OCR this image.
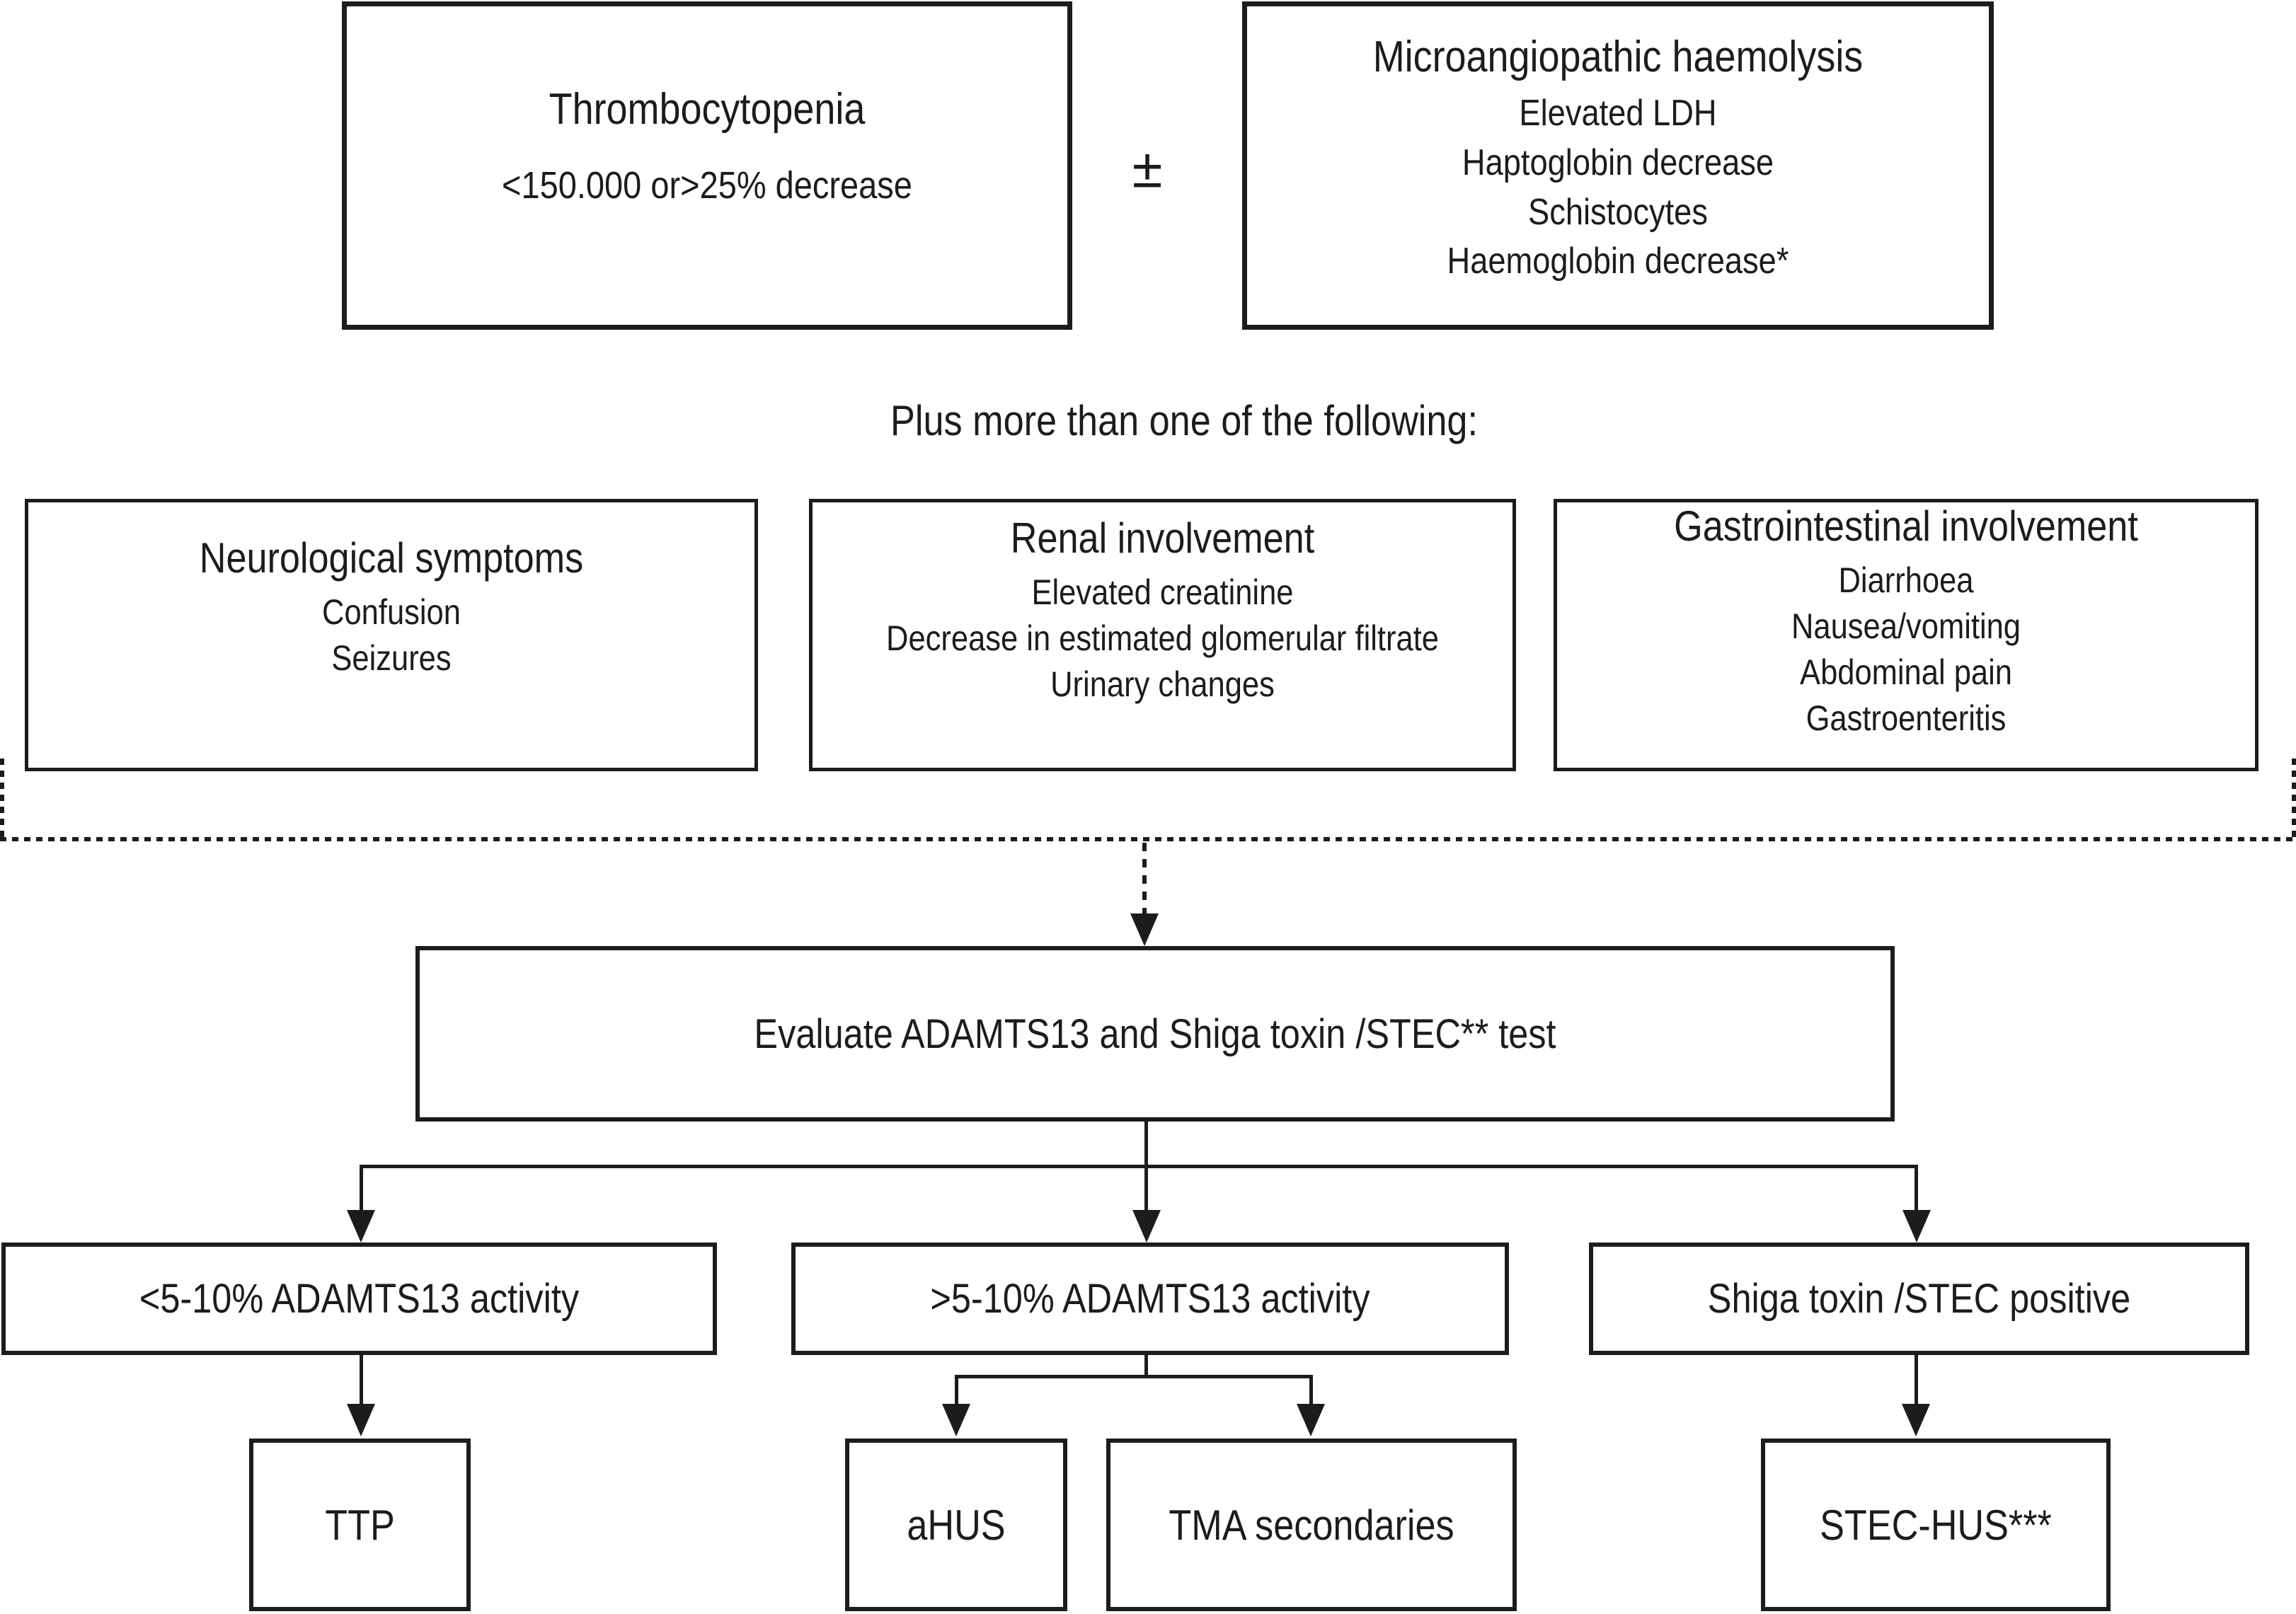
Thrombocytopenia
<150.000 or>25% decrease	±
Microangiopathic haemolysis
Elevated LDH
Haptoglobin decrease
Schistocytes
Haemoglobin decrease*
Plus more than one of the following:
Neurological symptoms
Confusion
Seizures
Renal involvement
Elevated creatinine
Decrease in estimated glomerular filtrate
Urinary changes
Gastrointestinal involvement
Diarrhoea
Nausea/vomiting
Abdominal pain
Gastroenteritis
Evaluate ADAMTS13 and Shiga toxin /STEC** test
<5-10% ADAMTS13 activity	>5-10% ADAMTS13 activity	Shiga toxin /STEC positive
TTP	aHUS	TMA secondaries	STEC-HUS***
